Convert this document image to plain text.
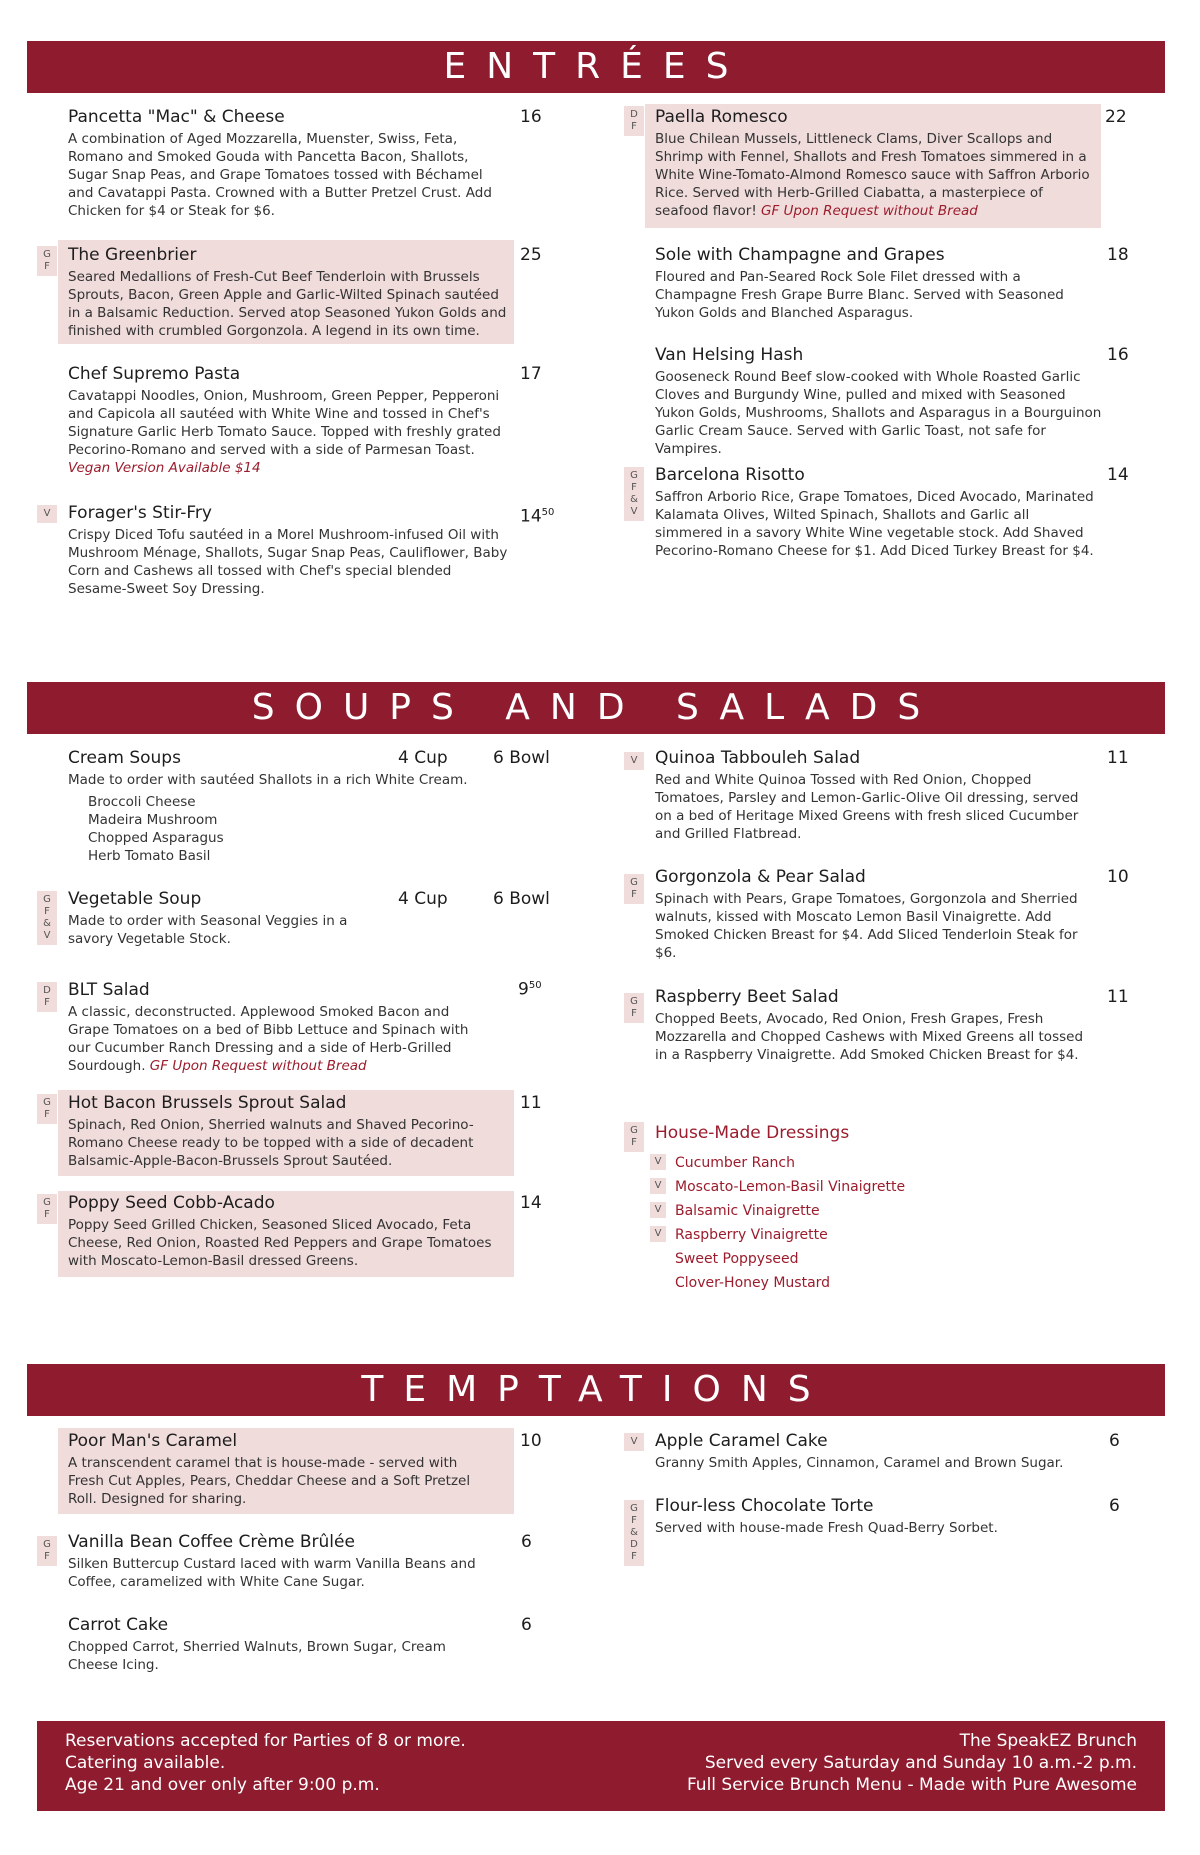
ENTRÉES
Pancetta "Mac" & Cheese
A combination of Aged Mozzarella, Muenster, Swiss, Feta, Romano and Smoked Gouda with Pancetta Bacon, Shallots, Sugar Snap Peas, and Grape Tomatoes tossed with Béchamel and Cavatappi Pasta. Crowned with a Butter Pretzel Crust. Add Chicken for $4 or Steak for $6.
16
G
F
The Greenbrier
Seared Medallions of Fresh-Cut Beef Tenderloin with Brussels Sprouts, Bacon, Green Apple and Garlic-Wilted Spinach sautéed in a Balsamic Reduction. Served atop Seasoned Yukon Golds and finished with crumbled Gorgonzola. A legend in its own time.
25
Chef Supremo Pasta
Cavatappi Noodles, Onion, Mushroom, Green Pepper, Pepperoni and Capicola all sautéed with White Wine and tossed in Chef's Signature Garlic Herb Tomato Sauce. Topped with freshly grated Pecorino-Romano and served with a side of Parmesan Toast. Vegan Version Available $14
17
V	Forager's Stir-Fry
Crispy Diced Tofu sautéed in a Morel Mushroom-infused Oil with Mushroom Ménage, Shallots, Sugar Snap Peas, Cauliflower, Baby Corn and Cashews all tossed with Chef's special blended Sesame-Sweet Soy Dressing.
$14^{50}$
D
F	Paella Romesco
Blue Chilean Mussels, Littleneck Clams, Diver Scallops and Shrimp with Fennel, Shallots and Fresh Tomatoes simmered in a White Wine-Tomato-Almond Romesco sauce with Saffron Arborio Rice. Served with Herb-Grilled Ciabatta, a masterpiece of seafood flavor! GF Upon Request without Bread
22
Sole with Champagne and Grapes
Floured and Pan-Seared Rock Sole Filet dressed with a Champagne Fresh Grape Burre Blanc. Served with Seasoned Yukon Golds and Blanched Asparagus.
18
Van Helsing Hash
Gooseneck Round Beef slow-cooked with Whole Roasted Garlic Cloves and Burgundy Wine, pulled and mixed with Seasoned Yukon Golds, Mushrooms, Shallots and Asparagus in a Bourguinon Garlic Cream Sauce. Served with Garlic Toast, not safe for Vampires.
16
G
F
&
V
Barcelona Risotto
Saffron Arborio Rice, Grape Tomatoes, Diced Avocado, Marinated Kalamata Olives, Wilted Spinach, Shallots and Garlic all simmered in a savory White Wine vegetable stock. Add Shaved Pecorino-Romano Cheese for $1. Add Diced Turkey Breast for $4.
14
SOUPS AND SALADS
Cream Soups
Made to order with sautéed Shallots in a rich White Cream.
Broccoli Cheese
Madeira Mushroom
Chopped Asparagus
Herb Tomato Basil
4 Cup	6 Bowl
G
F
&
V
Vegetable Soup
Made to order with Seasonal Veggies in a savory Vegetable Stock.
4 Cup	6 Bowl
D
F
BLT Salad
A classic, deconstructed. Applewood Smoked Bacon and Grape Tomatoes on a bed of Bibb Lettuce and Spinach with our Cucumber Ranch Dressing and a side of Herb-Grilled Sourdough. GF Upon Request without Bread
$9^{50}$
G
F
Hot Bacon Brussels Sprout Salad
Spinach, Red Onion, Sherried walnuts and Shaved Pecorino-Romano Cheese ready to be topped with a side of decadent Balsamic-Apple-Bacon-Brussels Sprout Sautéed.
11
G
F
Poppy Seed Cobb-Acado
Poppy Seed Grilled Chicken, Seasoned Sliced Avocado, Feta Cheese, Red Onion, Roasted Red Peppers and Grape Tomatoes with Moscato-Lemon-Basil dressed Greens.
14
V	Quinoa Tabbouleh Salad
Red and White Quinoa Tossed with Red Onion, Chopped Tomatoes, Parsley and Lemon-Garlic-Olive Oil dressing, served on a bed of Heritage Mixed Greens with fresh sliced Cucumber and Grilled Flatbread.
11
G
F
Gorgonzola & Pear Salad
Spinach with Pears, Grape Tomatoes, Gorgonzola and Sherried walnuts, kissed with Moscato Lemon Basil Vinaigrette. Add Smoked Chicken Breast for $4. Add Sliced Tenderloin Steak for $6.
10
G
F
Raspberry Beet Salad
Chopped Beets, Avocado, Red Onion, Fresh Grapes, Fresh Mozzarella and Chopped Cashews with Mixed Greens all tossed in a Raspberry Vinaigrette. Add Smoked Chicken Breast for $4.
11
G
F	House-Made Dressings
V Cucumber Ranch
V Moscato-Lemon-Basil Vinaigrette
V Balsamic Vinaigrette
V Raspberry Vinaigrette
Sweet Poppyseed
Clover-Honey Mustard
TEMPTATIONS
Poor Man's Caramel
A transcendent caramel that is house-made - served with Fresh Cut Apples, Pears, Cheddar Cheese and a Soft Pretzel Roll. Designed for sharing.
10
G
F
Vanilla Bean Coffee Crème Brûlée
Silken Buttercup Custard laced with warm Vanilla Beans and Coffee, caramelized with White Cane Sugar.
6
Carrot Cake
Chopped Carrot, Sherried Walnuts, Brown Sugar, Cream Cheese Icing.
6
V	Apple Caramel Cake
Granny Smith Apples, Cinnamon, Caramel and Brown Sugar.
6
G
F
&
D
F
Flour-less Chocolate Torte
Served with house-made Fresh Quad-Berry Sorbet.
6
Reservations accepted for Parties of 8 or more.
Catering available.
Age 21 and over only after 9:00 p.m.
The SpeakEZ Brunch
Served every Saturday and Sunday 10 a.m.-2 p.m.
Full Service Brunch Menu - Made with Pure Awesome
